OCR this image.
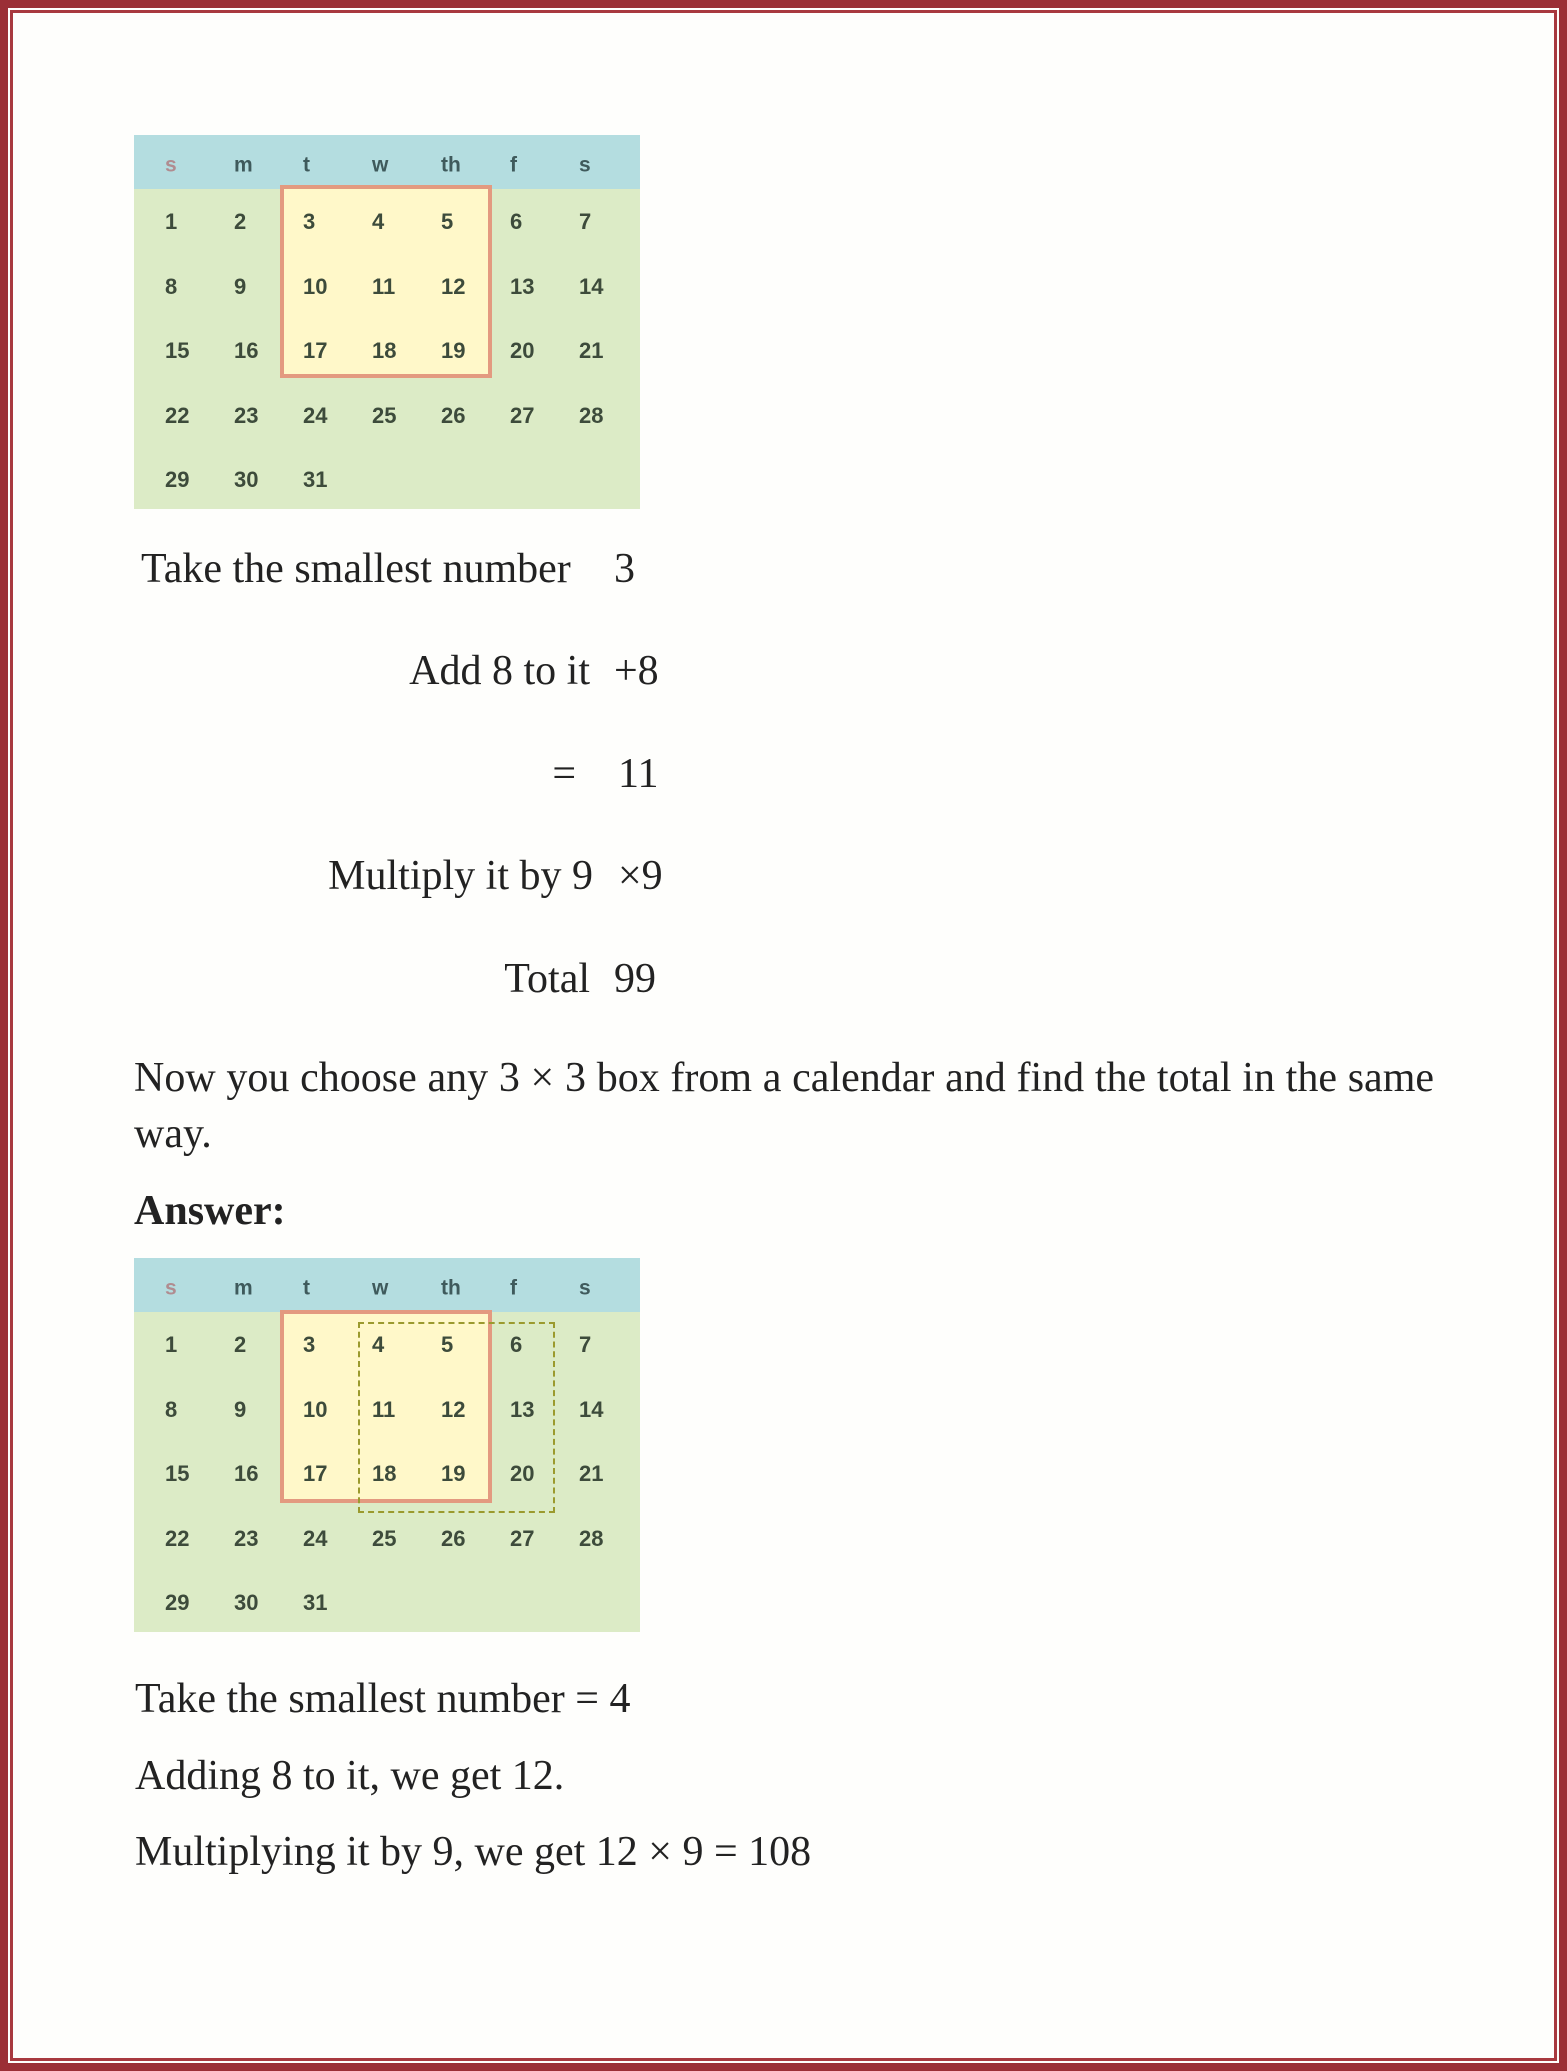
s	m t	w	th f	s
1	2	3	4	5	6	7
8	9	10 11 12 13 14
15 16 17 18 19 20 21
22 23 24 25 26 27 28
29 30 31
Take the smallest number 3
Add 8 to it +8
= 11
Multiply it by 9 ×9
Total 99
Now you choose any 3 × 3 box from a calendar and find the total in the same way.
Answer:
s	m t	w	th f	s
1	2	3	4	5	6	7
8	9	10 11 12 13 14
15 16 17 18 19 20 21
22 23 24 25 26 27 28
29 30 31
Take the smallest number = 4
Adding 8 to it, we get 12.
Multiplying it by 9, we get 12 × 9 = 108
